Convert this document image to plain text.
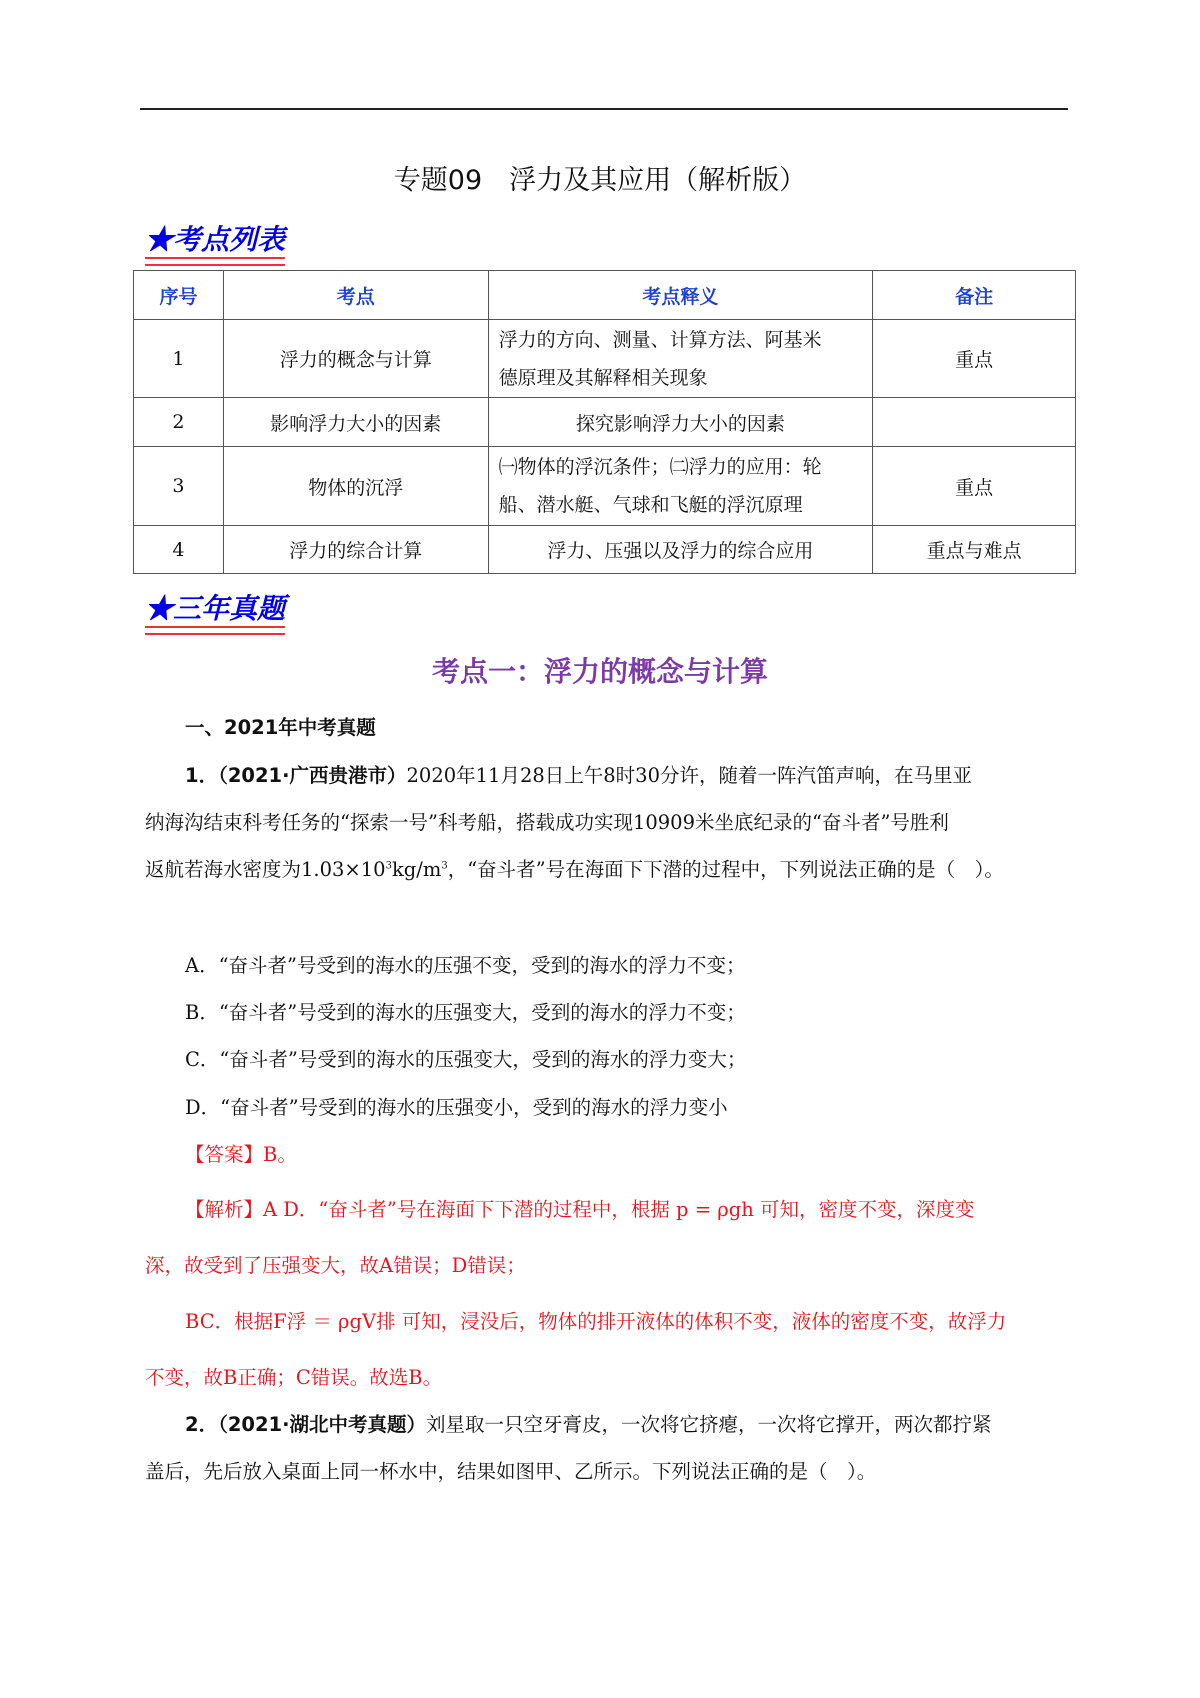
专题09　浮力及其应用（解析版）
★考点列表
序号	考点	考点释义	备注
1	浮力的概念与计算	浮力的方向、测量、计算方法、阿基米
德原理及其解释相关现象	重点
2	影响浮力大小的因素	探究影响浮力大小的因素	
3	物体的沉浮	㈠物体的浮沉条件；㈡浮力的应用：轮
船、潜水艇、气球和飞艇的浮沉原理	重点
4	浮力的综合计算	浮力、压强以及浮力的综合应用	重点与难点
★三年真题
考点一：浮力的概念与计算
一、2021年中考真题
1．（2021·广西贵港市）2020年11月28日上午8时30分许，随着一阵汽笛声响，在马里亚
纳海沟结束科考任务的“探索一号”科考船，搭载成功实现10909米坐底纪录的“奋斗者”号胜利
返航若海水密度为$1.03\times 10^3kg/m^3$，“奋斗者”号在海面下下潜的过程中，下列说法正确的是（　）。
A．“奋斗者”号受到的海水的压强不变，受到的海水的浮力不变；
B．“奋斗者”号受到的海水的压强变大，受到的海水的浮力不变；
C．“奋斗者”号受到的海水的压强变大，受到的海水的浮力变大；
D．“奋斗者”号受到的海水的压强变小，受到的海水的浮力变小
【答案】B。
【解析】A D．“奋斗者”号在海面下下潜的过程中，根据 p = ρgh 可知，密度不变，深度变
深，故受到了压强变大，故A错误；D错误；
BC．根据F浮 ＝ ρgV排 可知，浸没后，物体的排开液体的体积不变，液体的密度不变，故浮力
不变，故B正确；C错误。故选B。
2．（2021·湖北中考真题）刘星取一只空牙膏皮，一次将它挤瘪，一次将它撑开，两次都拧紧
盖后，先后放入桌面上同一杯水中，结果如图甲、乙所示。下列说法正确的是（　）。
